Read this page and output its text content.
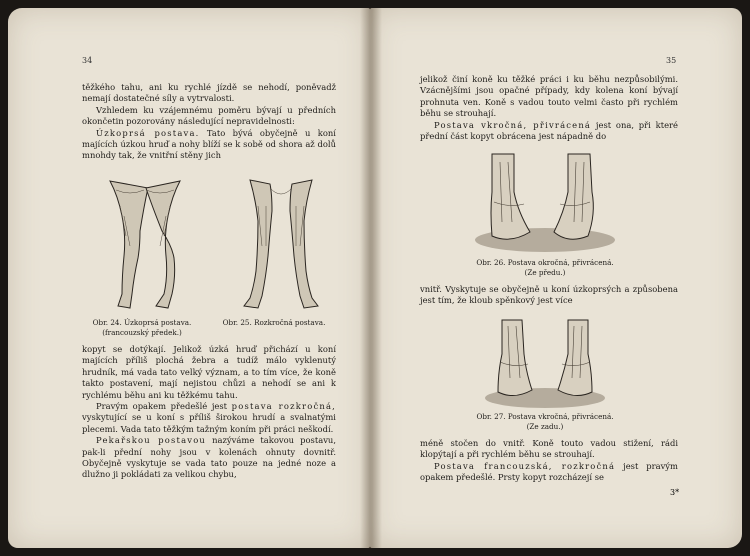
34

těžkého tahu, ani ku rychlé jízdě se nehodí, poněvadž nemají dostatečné síly a vytrvalosti.

Vzhledem ku vzájemnému poměru bývají u předních okončetin pozorovány následující nepravidelnosti:

Úzkoprsá postava. Tato bývá obyčejně u koní majících úzkou hruď a nohy blíží se k sobě od shora až dolů mnohdy tak, že vnitřní stěny jich

Obr. 24. Úzkoprsá postava.
(francouzský předek.)
Obr. 25. Rozkročná postava.

kopyt se dotýkají. Jelikož úzká hruď přichází u koní majících příliš plochá žebra a tudíž málo vyklenutý hrudník, má vada tato velký význam, a to tím více, že koně takto postavení, mají nejistou chůzi a nehodí se ani k rychlému běhu ani ku těžkému tahu.

Pravým opakem předešlé jest postava rozkročná, vyskytující se u koní s příliš širokou hrudí a svalnatými plecemi. Vada tato těžkým tažným koním při práci neškodí.

Pekařskou postavou nazýváme takovou postavu, pak-li přední nohy jsou v kolenách ohnuty dovnitř. Obyčejně vyskytuje se vada tato pouze na jedné noze a dlužno ji pokládati za velikou chybu,

35

jelikož činí koně ku těžké práci i ku běhu nezpůsobilými. Vzácnějšími jsou opačné případy, kdy kolena koní bývají prohnuta ven. Koně s vadou touto velmi často při rychlém běhu se strouhají.

Postava vkročná, přivrácená jest ona, při které přední část kopyt obrácena jest nápadně do

Obr. 26. Postava okročná, přivrácená.
(Ze předu.)

vnitř. Vyskytuje se obyčejně u koní úzkoprsých a způsobena jest tím, že kloub spěnkový jest více

Obr. 27. Postava vkročná, přivrácená.
(Ze zadu.)

méně stočen do vnitř. Koně touto vadou stižení, rádi klopýtají a při rychlém běhu se strouhají.

Postava francouzská, rozkročná jest pravým opakem předešlé. Prsty kopyt rozcházejí se

3*
